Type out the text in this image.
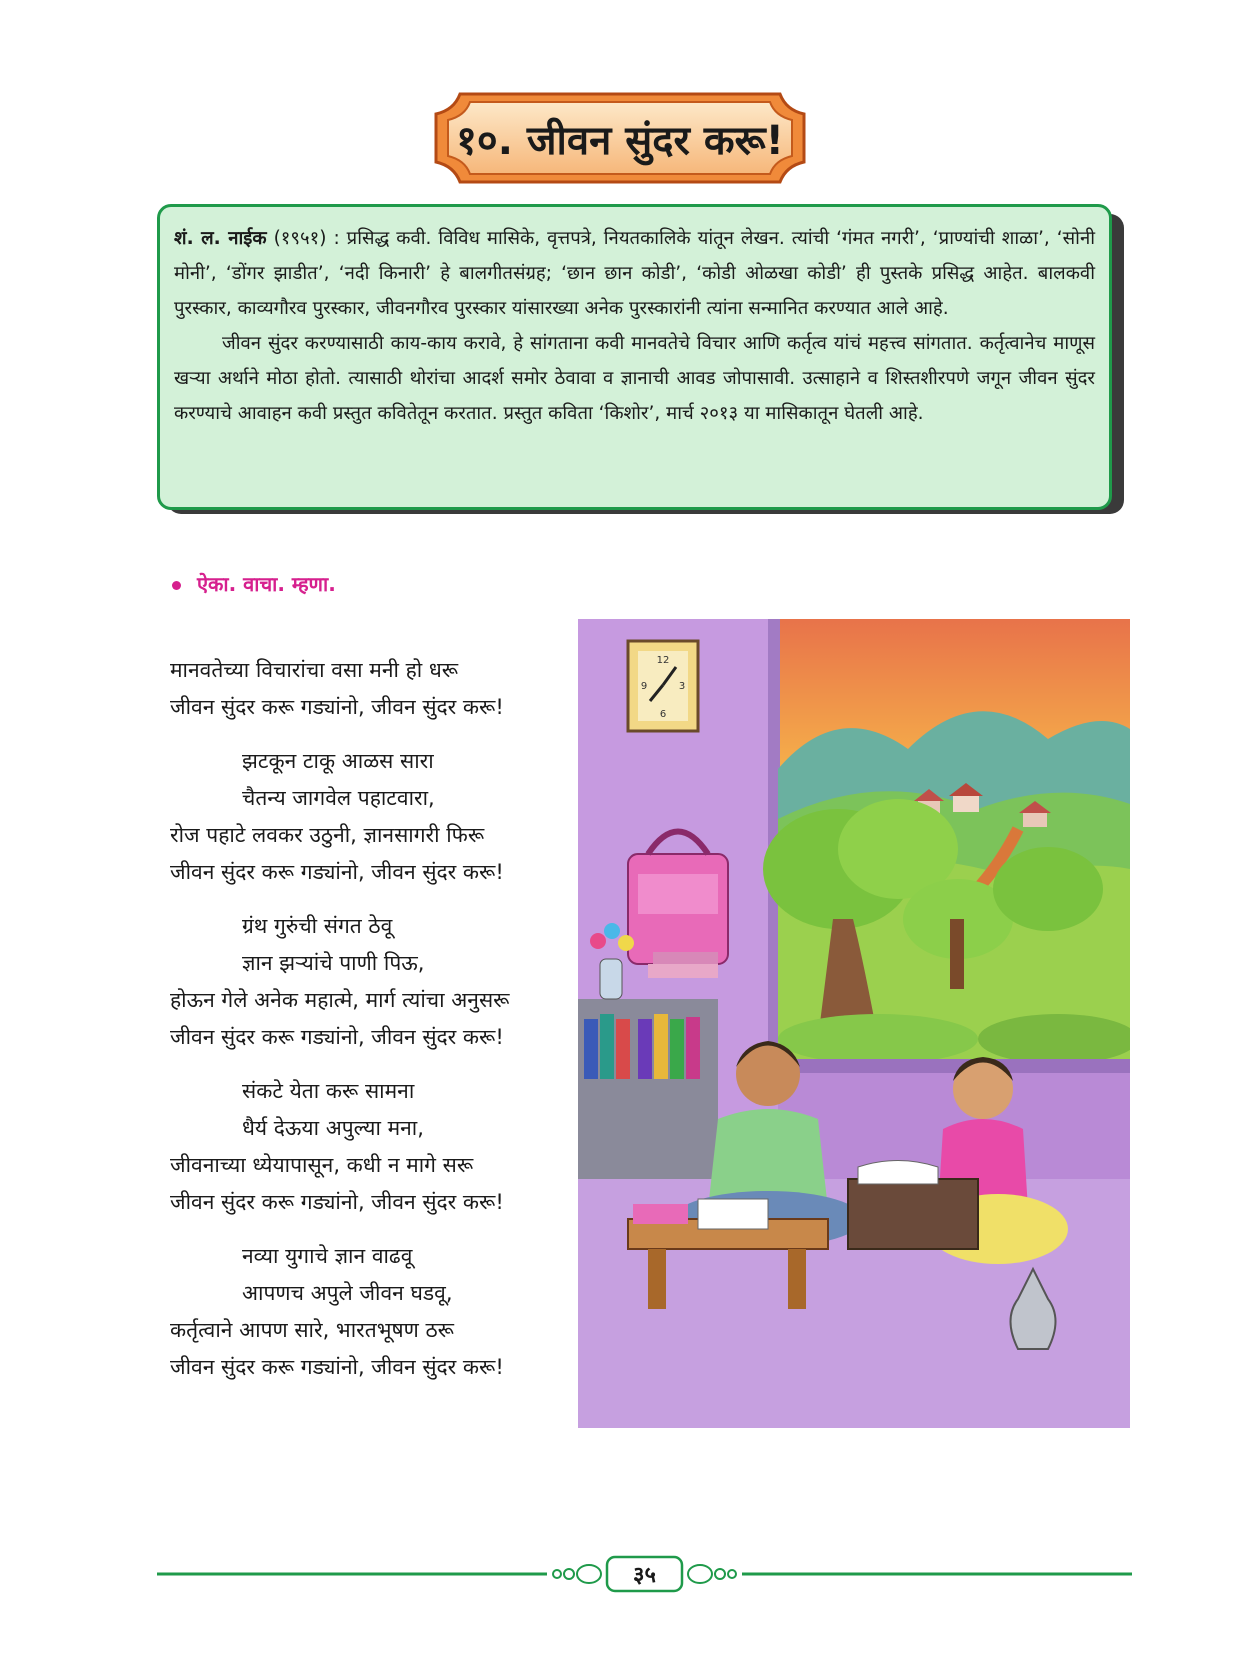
१०. जीवन सुंदर करू!

शं. ल. नाईक (१९५१) : प्रसिद्ध कवी. विविध मासिके, वृत्तपत्रे, नियतकालिके यांतून लेखन. त्यांची ‘गंमत नगरी’, ‘प्राण्यांची शाळा’, ‘सोनी मोनी’, ‘डोंगर झाडीत’, ‘नदी किनारी’ हे बालगीतसंग्रह; ‘छान छान कोडी’, ‘कोडी ओळखा कोडी’ ही पुस्तके प्रसिद्ध आहेत. बालकवी पुरस्कार, काव्यगौरव पुरस्कार, जीवनगौरव पुरस्कार यांसारख्या अनेक पुरस्कारांनी त्यांना सन्मानित करण्यात आले आहे.

जीवन सुंदर करण्यासाठी काय-काय करावे, हे सांगताना कवी मानवतेचे विचार आणि कर्तृत्व यांचं महत्त्व सांगतात. कर्तृत्वानेच माणूस खऱ्या अर्थाने मोठा होतो. त्यासाठी थोरांचा आदर्श समोर ठेवावा व ज्ञानाची आवड जोपासावी. उत्साहाने व शिस्तशीरपणे जगून जीवन सुंदर करण्याचे आवाहन कवी प्रस्तुत कवितेतून करतात. प्रस्तुत कविता ‘किशोर’, मार्च २०१३ या मासिकातून घेतली आहे.

ऐका. वाचा. म्हणा.
मानवतेच्या विचारांचा वसा मनी हो धरू
जीवन सुंदर करू गड्यांनो, जीवन सुंदर करू!
झटकून टाकू आळस सारा
चैतन्य जागवेल पहाटवारा,
रोज पहाटे लवकर उठुनी, ज्ञानसागरी फिरू
जीवन सुंदर करू गड्यांनो, जीवन सुंदर करू!
ग्रंथ गुरुंची संगत ठेवू
ज्ञान झऱ्यांचे पाणी पिऊ,
होऊन गेले अनेक महात्मे, मार्ग त्यांचा अनुसरू
जीवन सुंदर करू गड्यांनो, जीवन सुंदर करू!
संकटे येता करू सामना
धैर्य देऊया अपुल्या मना,
जीवनाच्या ध्येयापासून, कधी न मागे सरू
जीवन सुंदर करू गड्यांनो, जीवन सुंदर करू!
नव्या युगाचे ज्ञान वाढवू
आपणच अपुले जीवन घडवू,
कर्तृत्वाने आपण सारे, भारतभूषण ठरू
जीवन सुंदर करू गड्यांनो, जीवन सुंदर करू!
12
9	3
6
३५
